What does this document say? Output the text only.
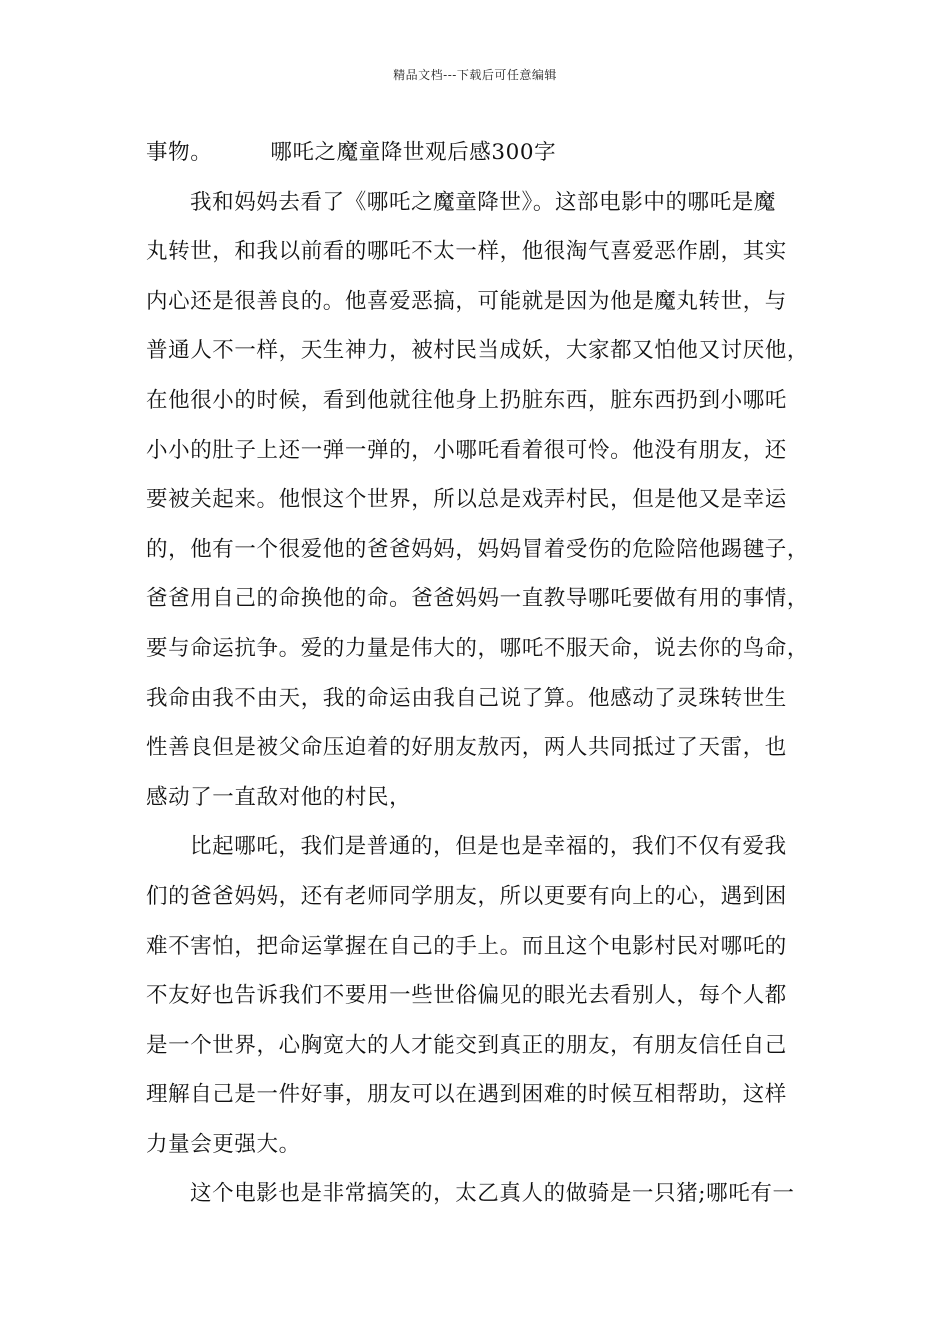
精品文档---下载后可任意编辑
事物。	哪吒之魔童降世观后感300字
我和妈妈去看了《哪吒之魔童降世》。这部电影中的哪吒是魔
丸转世，和我以前看的哪吒不太一样，他很淘气喜爱恶作剧，其实
内心还是很善良的。他喜爱恶搞，可能就是因为他是魔丸转世，与
普通人不一样，天生神力，被村民当成妖，大家都又怕他又讨厌他，
在他很小的时候，看到他就往他身上扔脏东西，脏东西扔到小哪吒
小小的肚子上还一弹一弹的，小哪吒看着很可怜。他没有朋友，还
要被关起来。他恨这个世界，所以总是戏弄村民，但是他又是幸运
的，他有一个很爱他的爸爸妈妈，妈妈冒着受伤的危险陪他踢毽子，
爸爸用自己的命换他的命。爸爸妈妈一直教导哪吒要做有用的事情，
要与命运抗争。爱的力量是伟大的，哪吒不服天命，说去你的鸟命，
我命由我不由天，我的命运由我自己说了算。他感动了灵珠转世生
性善良但是被父命压迫着的好朋友敖丙，两人共同抵过了天雷，也
感动了一直敌对他的村民，
比起哪吒，我们是普通的，但是也是幸福的，我们不仅有爱我
们的爸爸妈妈，还有老师同学朋友，所以更要有向上的心，遇到困
难不害怕，把命运掌握在自己的手上。而且这个电影村民对哪吒的
不友好也告诉我们不要用一些世俗偏见的眼光去看别人，每个人都
是一个世界，心胸宽大的人才能交到真正的朋友，有朋友信任自己
理解自己是一件好事，朋友可以在遇到困难的时候互相帮助，这样
力量会更强大。
这个电影也是非常搞笑的，太乙真人的做骑是一只猪;哪吒有一
